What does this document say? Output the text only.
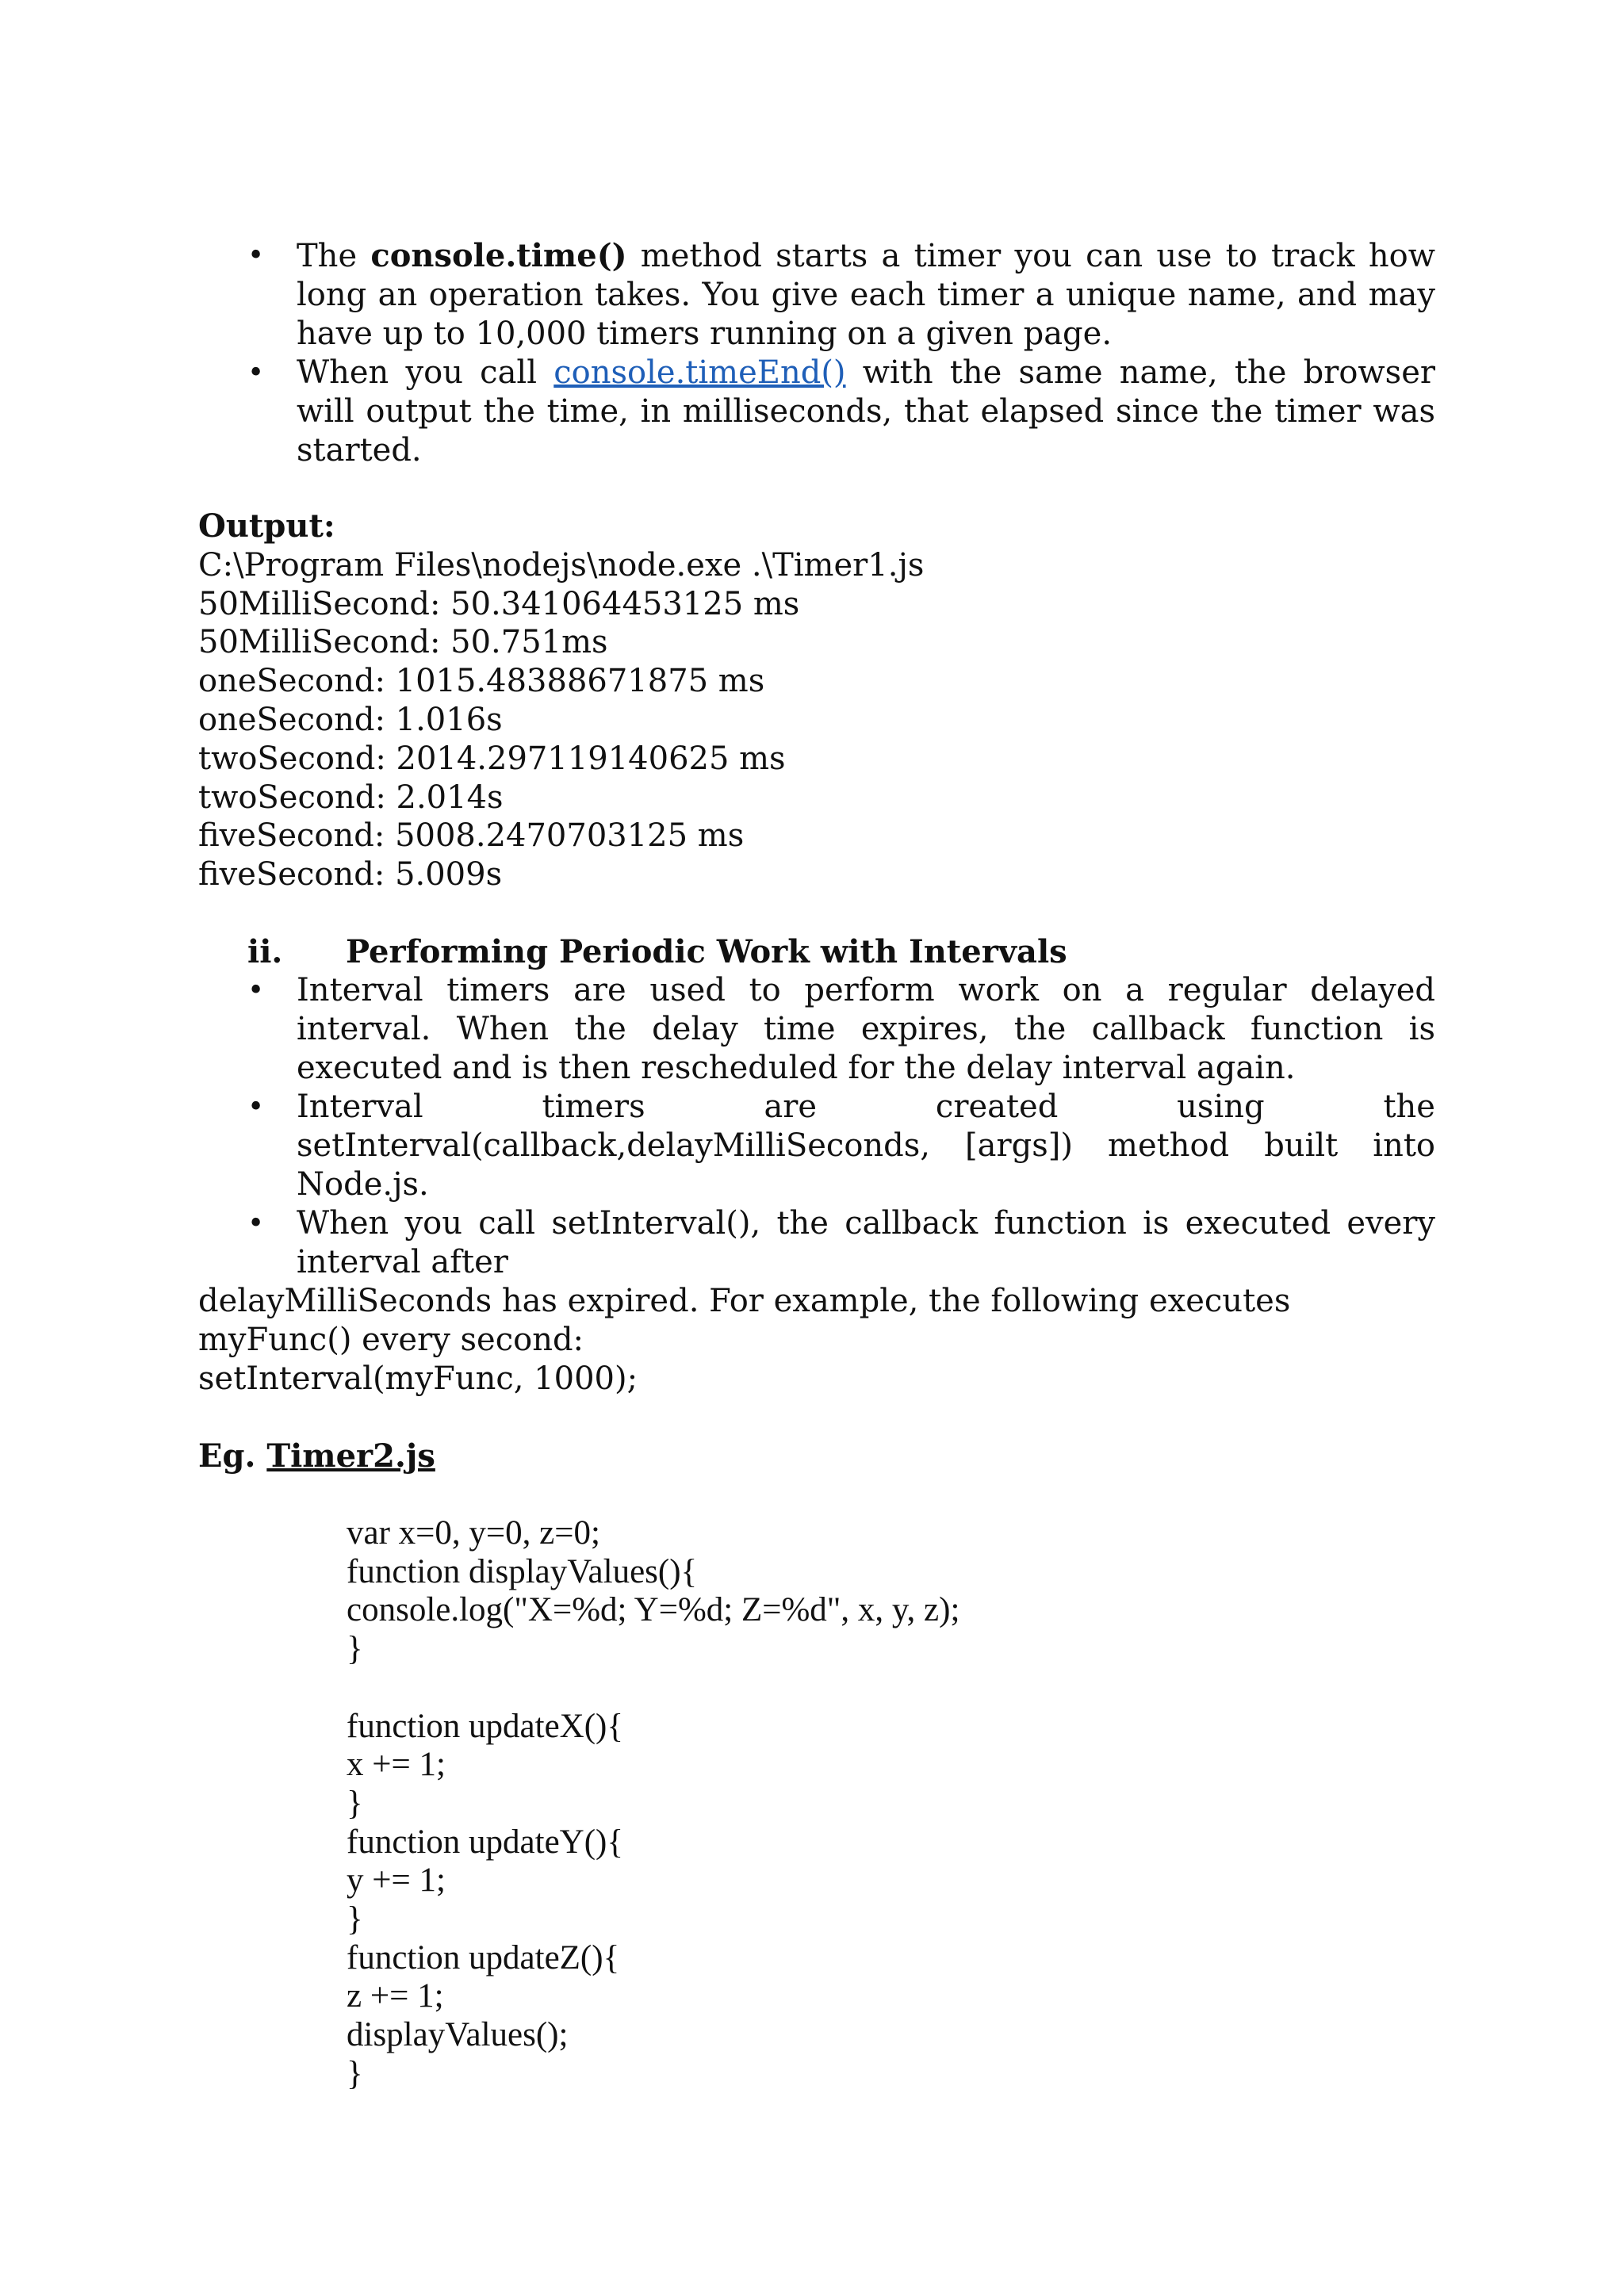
• The console.time() method starts a timer you can use to track how long an operation takes. You give each timer a unique name, and may have up to 10,000 timers running on a given page.
• When you call console.timeEnd() with the same name, the browser will output the time, in milliseconds, that elapsed since the timer was started.
Output:
C:\Program Files\nodejs\node.exe .\Timer1.js
50MilliSecond: 50.341064453125 ms
50MilliSecond: 50.751ms
oneSecond: 1015.48388671875 ms
oneSecond: 1.016s
twoSecond: 2014.297119140625 ms
twoSecond: 2.014s
fiveSecond: 5008.2470703125 ms
fiveSecond: 5.009s
ii. Performing Periodic Work with Intervals
• Interval timers are used to perform work on a regular delayed interval. When the delay time expires, the callback function is executed and is then rescheduled for the delay interval again.
• Interval	timers	are	created	using	the
setInterval(callback,delayMilliSeconds, [args]) method built into
Node.js.
• When you call setInterval(), the callback function is executed every interval after
delayMilliSeconds has expired. For example, the following executes
myFunc() every second:
setInterval(myFunc, 1000);
Eg. Timer2.js
var x=0, y=0, z=0;
function displayValues(){
console.log("X=%d; Y=%d; Z=%d", x, y, z);
}

function updateX(){
x += 1;
}
function updateY(){
y += 1;
}
function updateZ(){
z += 1;
displayValues();
}
